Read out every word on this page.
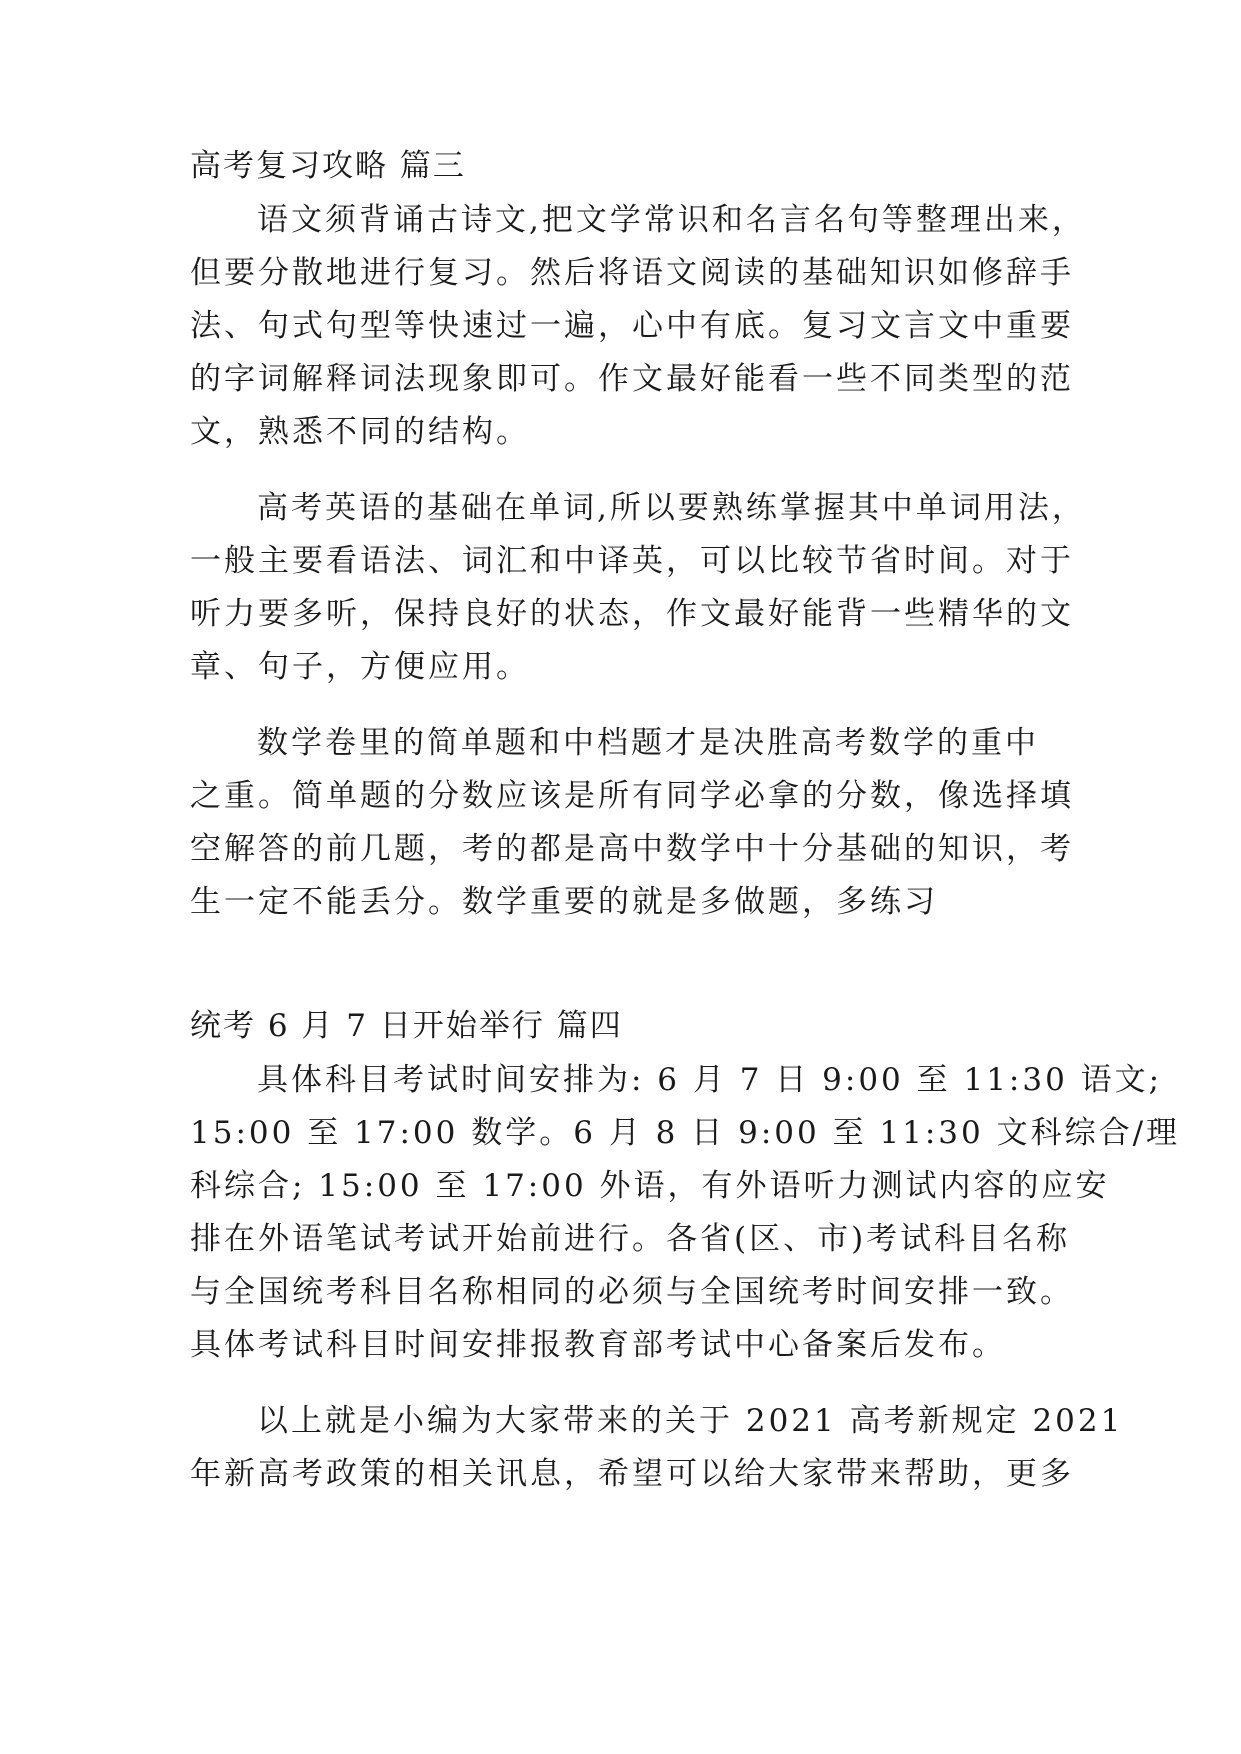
高考复习攻略 篇三
语文须背诵古诗文,把文学常识和名言名句等整理出来，
但要分散地进行复习。然后将语文阅读的基础知识如修辞手
法、句式句型等快速过一遍，心中有底。复习文言文中重要
的字词解释词法现象即可。作文最好能看一些不同类型的范
文，熟悉不同的结构。
高考英语的基础在单词,所以要熟练掌握其中单词用法，
一般主要看语法、词汇和中译英，可以比较节省时间。对于
听力要多听，保持良好的状态，作文最好能背一些精华的文
章、句子，方便应用。
数学卷里的简单题和中档题才是决胜高考数学的重中
之重。简单题的分数应该是所有同学必拿的分数，像选择填
空解答的前几题，考的都是高中数学中十分基础的知识，考
生一定不能丢分。数学重要的就是多做题，多练习
统考 6 月 7 日开始举行 篇四
具体科目考试时间安排为: 6 月 7 日 9:00 至 11:30 语文;
15:00 至 17:00 数学。6 月 8 日 9:00 至 11:30 文科综合/理
科综合; 15:00 至 17:00 外语，有外语听力测试内容的应安
排在外语笔试考试开始前进行。各省(区、市)考试科目名称
与全国统考科目名称相同的必须与全国统考时间安排一致。
具体考试科目时间安排报教育部考试中心备案后发布。
以上就是小编为大家带来的关于 2021 高考新规定 2021
年新高考政策的相关讯息，希望可以给大家带来帮助，更多
